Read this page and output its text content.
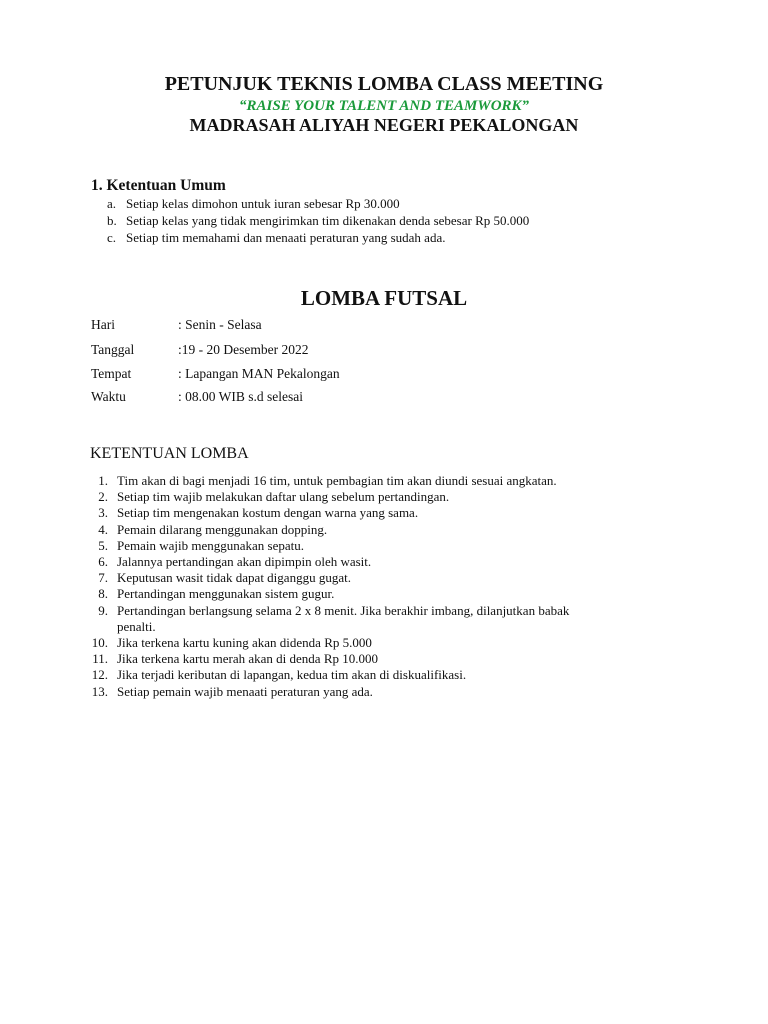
PETUNJUK TEKNIS LOMBA CLASS MEETING

“RAISE YOUR TALENT AND TEAMWORK”

MADRASAH ALIYAH NEGERI PEKALONGAN

1. Ketentuan Umum

a. Setiap kelas dimohon untuk iuran sebesar Rp 30.000

b. Setiap kelas yang tidak mengirimkan tim dikenakan denda sebesar Rp 50.000

c. Setiap tim memahami dan menaati peraturan yang sudah ada.

LOMBA FUTSAL

Hari	: Senin - Selasa

Tanggal	:19 - 20 Desember 2022

Tempat	: Lapangan MAN Pekalongan

Waktu	: 08.00 WIB s.d selesai

KETENTUAN LOMBA

1. Tim akan di bagi menjadi 16 tim, untuk pembagian tim akan diundi sesuai angkatan.

2. Setiap tim wajib melakukan daftar ulang sebelum pertandingan.

3. Setiap tim mengenakan kostum dengan warna yang sama.

4. Pemain dilarang menggunakan dopping.

5. Pemain wajib menggunakan sepatu.

6. Jalannya pertandingan akan dipimpin oleh wasit.

7. Keputusan wasit tidak dapat diganggu gugat.

8. Pertandingan menggunakan sistem gugur.

9. Pertandingan berlangsung selama 2 x 8 menit. Jika berakhir imbang, dilanjutkan babak

penalti.

10. Jika terkena kartu kuning akan didenda Rp 5.000

11. Jika terkena kartu merah akan di denda Rp 10.000

12. Jika terjadi keributan di lapangan, kedua tim akan di diskualifikasi.

13. Setiap pemain wajib menaati peraturan yang ada.
